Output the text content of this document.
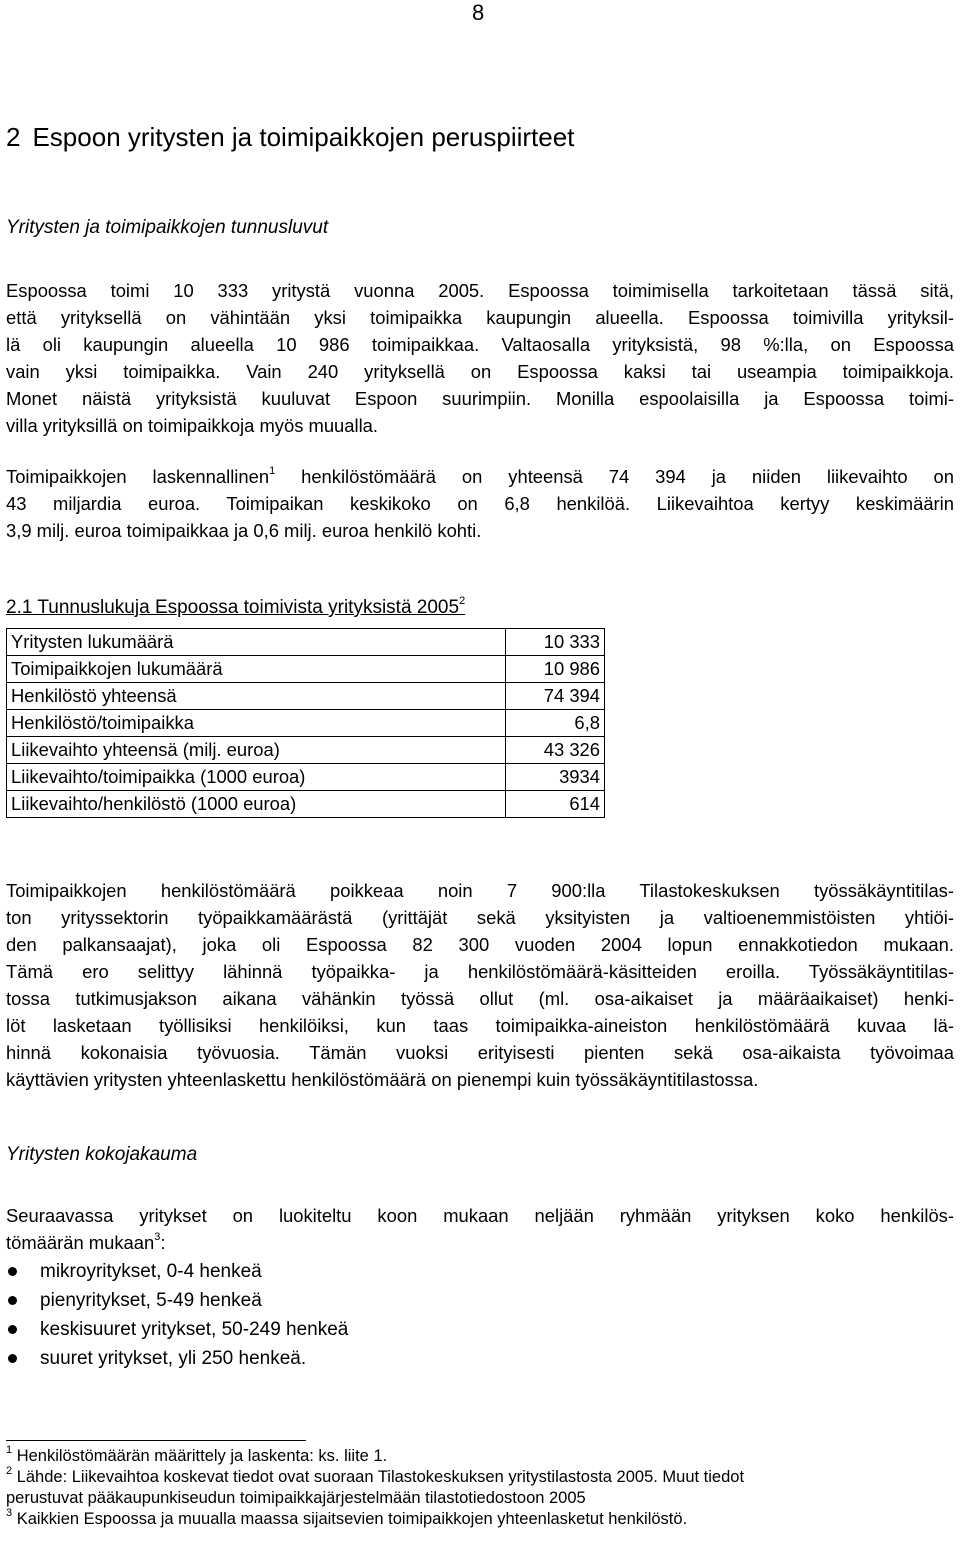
8
2 Espoon yritysten ja toimipaikkojen peruspiirteet
Yritysten ja toimipaikkojen tunnusluvut
Espoossa toimi 10 333 yritystä vuonna 2005. Espoossa toimimisella tarkoitetaan tässä sitä,
että yrityksellä on vähintään yksi toimipaikka kaupungin alueella. Espoossa toimivilla yrityksil-
lä oli kaupungin alueella 10 986 toimipaikkaa. Valtaosalla yrityksistä, 98 %:lla, on Espoossa
vain yksi toimipaikka. Vain 240 yrityksellä on Espoossa kaksi tai useampia toimipaikkoja.
Monet näistä yrityksistä kuuluvat Espoon suurimpiin. Monilla espoolaisilla ja Espoossa toimi-
villa yrityksillä on toimipaikkoja myös muualla.
Toimipaikkojen laskennallinen$^1$ henkilöstömäärä on yhteensä 74 394 ja niiden liikevaihto on
43 miljardia euroa. Toimipaikan keskikoko on 6,8 henkilöä. Liikevaihtoa kertyy keskimäärin
3,9 milj. euroa toimipaikkaa ja 0,6 milj. euroa henkilö kohti.
2.1 Tunnuslukuja Espoossa toimivista yrityksistä 2005$^2$
Yritysten lukumäärä	10 333
Toimipaikkojen lukumäärä	10 986
Henkilöstö yhteensä	74 394
Henkilöstö/toimipaikka	6,8
Liikevaihto yhteensä (milj. euroa)	43 326
Liikevaihto/toimipaikka (1000 euroa)	3934
Liikevaihto/henkilöstö (1000 euroa)	614
Toimipaikkojen henkilöstömäärä poikkeaa noin 7 900:lla Tilastokeskuksen työssäkäyntitilas-
ton yrityssektorin työpaikkamäärästä (yrittäjät sekä yksityisten ja valtioenemmistöisten yhtiöi-
den palkansaajat), joka oli Espoossa 82 300 vuoden 2004 lopun ennakkotiedon mukaan.
Tämä ero selittyy lähinnä työpaikka- ja henkilöstömäärä-käsitteiden eroilla. Työssäkäyntitilas-
tossa tutkimusjakson aikana vähänkin työssä ollut (ml. osa-aikaiset ja määräaikaiset) henki-
löt lasketaan työllisiksi henkilöiksi, kun taas toimipaikka-aineiston henkilöstömäärä kuvaa lä-
hinnä kokonaisia työvuosia. Tämän vuoksi erityisesti pienten sekä osa-aikaista työvoimaa
käyttävien yritysten yhteenlaskettu henkilöstömäärä on pienempi kuin työssäkäyntitilastossa.
Yritysten kokojakauma
Seuraavassa yritykset on luokiteltu koon mukaan neljään ryhmään yrityksen koko henkilös-
tömäärän mukaan$^3$:
mikroyritykset, 0-4 henkeä
pienyritykset, 5-49 henkeä
keskisuuret yritykset, 50-249 henkeä
suuret yritykset, yli 250 henkeä.
$^1$ Henkilöstömäärän määrittely ja laskenta: ks. liite 1.
$^2$ Lähde: Liikevaihtoa koskevat tiedot ovat suoraan Tilastokeskuksen yritystilastosta 2005. Muut tiedot
perustuvat pääkaupunkiseudun toimipaikkajärjestelmään tilastotiedostoon 2005
$^3$ Kaikkien Espoossa ja muualla maassa sijaitsevien toimipaikkojen yhteenlasketut henkilöstö.
